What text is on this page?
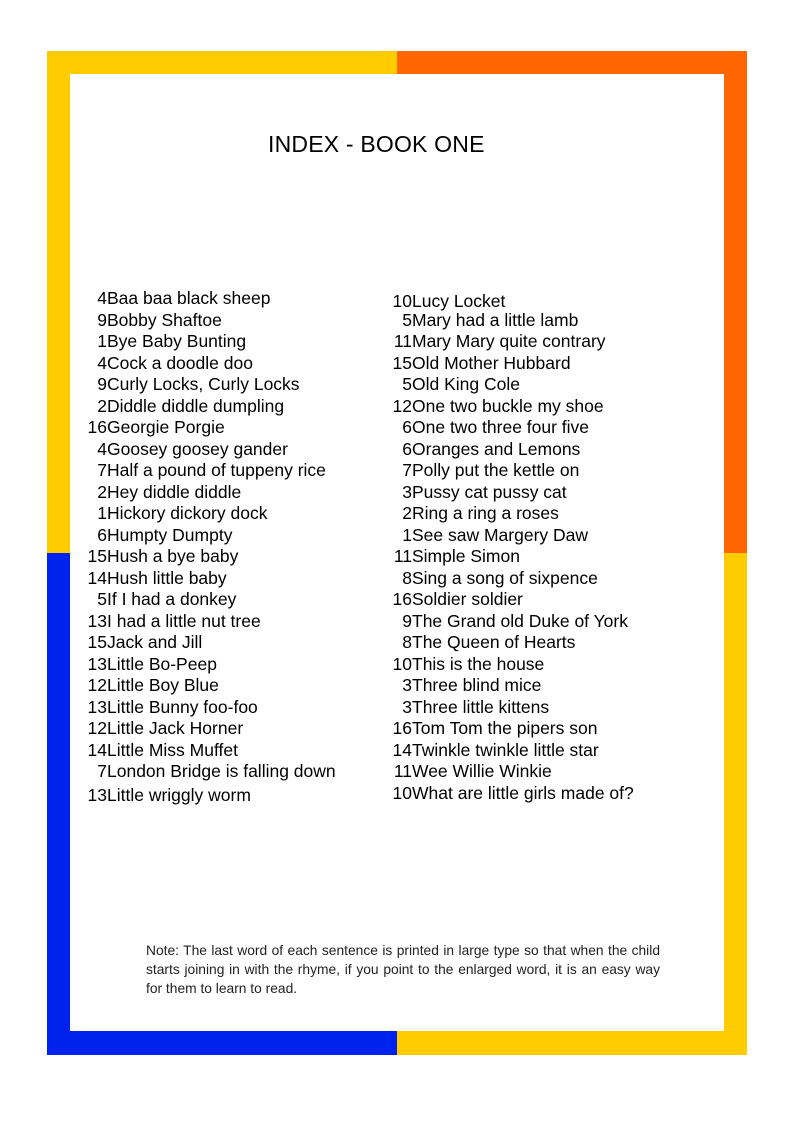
INDEX - BOOK ONE
Baa baa black sheep
4
Bobby Shaftoe
9
Bye Baby Bunting
1
Cock a doodle doo
4
Curly Locks, Curly Locks
9
Diddle diddle dumpling
2
Georgie Porgie
16
Goosey goosey gander
4
Half a pound of tuppeny rice
7
Hey diddle diddle
2
Hickory dickory dock
1
Humpty Dumpty
6
Hush a bye baby
15
Hush little baby
14
If I had a donkey
5
I had a little nut tree
13
Jack and Jill
15
Little Bo-Peep
13
Little Boy Blue
12
Little Bunny foo-foo
13
Little Jack Horner
12
Little Miss Muffet
14
London Bridge is falling down
7
Little wriggly worm
13
Lucy Locket
10
Mary had a little lamb
5
Mary Mary quite contrary
11
Old Mother Hubbard
15
Old King Cole
5
One two buckle my shoe
12
One two three four five
6
Oranges and Lemons
6
Polly put the kettle on
7
Pussy cat pussy cat
3
Ring a ring a roses
2
See saw Margery Daw
1
Simple Simon
11
Sing a song of sixpence
8
Soldier soldier
16
The Grand old Duke of York
9
The Queen of Hearts
8
This is the house
10
Three blind mice
3
Three little kittens
3
Tom Tom the pipers son
16
Twinkle twinkle little star
14
Wee Willie Winkie
11
What are little girls made of?
10
Note: The last word of each sentence is printed in large type so that when the child starts joining in with the rhyme, if you point to the enlarged word, it is an easy way for them to learn to read.
